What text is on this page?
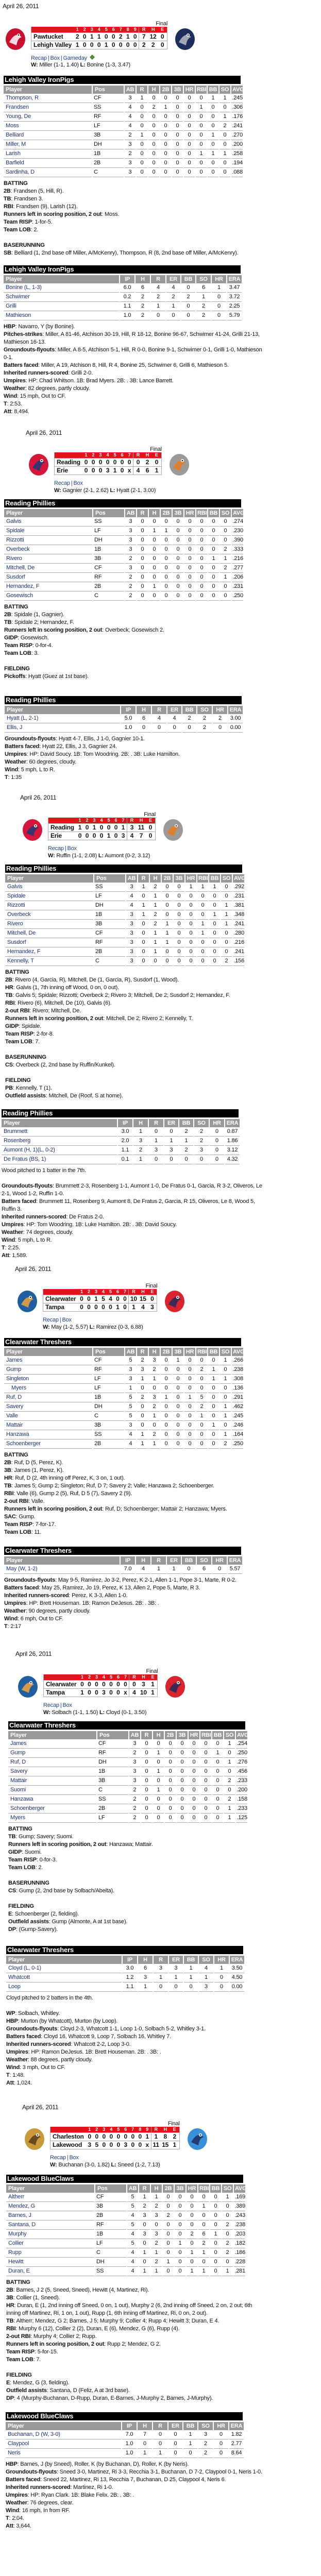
April 26, 2011
Final
	1	2	3	4	5	6	7	8	9	R	H	E
Pawtucket	2	0	1	1	0	0	2	1	0	7	12	0
Lehigh Valley	1	0	0	0	1	0	0	0	0	2	2	0
Recap | Box | Gameday
W: Miller (1-1, 1.40) L: Bonine (1-3, 3.47)
Lehigh Valley IronPigs
Player	Pos	AB	R	H	2B	3B	HR	RBI	BB	SO	AVG
Thompson, R	CF	3	1	0	0	0	0	0	1	1	.245
Frandsen	SS	4	0	2	1	0	0	1	0	0	.306
Young, De	RF	4	0	0	0	0	0	0	0	1	.176
Moss	LF	4	0	0	0	0	0	0	0	2	.241
Belliard	3B	2	1	0	0	0	0	0	1	0	.270
Miller, M	DH	3	0	0	0	0	0	0	0	0	.200
Larish	1B	2	0	0	0	0	0	1	1	1	.258
Barfield	2B	3	0	0	0	0	0	0	0	0	.194
Sardinha, D	C	3	0	0	0	0	0	0	0	0	.088
BATTING
2B : Frandsen (5, Hill, R).
TB : Frandsen 3.
RBI : Frandsen (9), Larish (12).
Runners left in scoring position, 2 out : Moss.
Team RISP : 1-for-5.
Team LOB : 2.
BASERUNNING
SB : Belliard (1, 2nd base off Miller, A/McKenry), Thompson, R (8, 2nd base off Miller, A/McKenry).
Lehigh Valley IronPigs
Player	IP	H	R	ER	BB	SO	HR	ERA
Bonine (L, 1-3)	6.0	6	4	4	0	6	1	3.47
Schwimer	0.2	2	2	2	2	1	0	3.72
Grilli	1.1	2	1	1	0	2	0	2.25
Mathieson	1.0	2	0	0	0	2	0	5.79
HBP : Navarro, Y (by Bonine).
Pitches-strikes : Miller, A 81-46, Atchison 30-19, Hill, R 18-12, Bonine 96-67, Schwimer 41-24, Grilli 21-13, Mathieson 16-13.
Groundouts-flyouts : Miller, A 8-5, Atchison 5-1, Hill, R 0-0, Bonine 9-1, Schwimer 0-1, Grilli 1-0, Mathieson 0-1.
Batters faced : Miller, A 19, Atchison 8, Hill, R 4, Bonine 25, Schwimer 6, Grilli 6, Mathieson 5.
Inherited runners-scored : Grilli 2-0.
Umpires : HP: Chad Whitson. 1B: Brad Myers. 2B: . 3B: Lance Barrett.
Weather : 82 degrees, partly cloudy.
Wind : 15 mph, Out to CF.
T : 2:53.
Att : 8,494.
April 26, 2011
Final
	1	2	3	4	5	6	7	R	H	E
Reading	0	0	0	0	0	0	0	0	2	0
Erie	0	0	0	3	1	0	x	4	6	1
Recap | Box
W: Gagnier (2-1, 2.62) L: Hyatt (2-1, 3.00)
Reading Phillies
Player	Pos	AB	R	H	2B	3B	HR	RBI	BB	SO	AVG
Galvis	SS	3	0	0	0	0	0	0	0	0	.274
Spidale	LF	3	0	1	1	0	0	0	0	0	.230
Rizzotti	DH	3	0	0	0	0	0	0	0	0	.390
Overbeck	1B	3	0	0	0	0	0	0	0	2	.333
Rivero	3B	2	0	0	0	0	0	0	1	1	.216
Mitchell, De	CF	3	0	0	0	0	0	0	0	2	.277
Susdorf	RF	2	0	0	0	0	0	0	0	1	.206
Hernandez, F	2B	2	0	1	0	0	0	0	0	0	.231
Gosewisch	C	2	0	0	0	0	0	0	0	0	.250
BATTING
2B : Spidale (1, Gagnier).
TB : Spidale 2; Hernandez, F.
Runners left in scoring position, 2 out : Overbeck; Gosewisch 2.
GIDP : Gosewisch.
Team RISP : 0-for-4.
Team LOB : 3.
FIELDING
Pickoffs : Hyatt (Guez at 1st base).
Reading Phillies
Player	IP	H	R	ER	BB	SO	HR	ERA
Hyatt (L, 2-1)	5.0	6	4	4	2	2	2	3.00
Ellis, J	1.0	0	0	0	0	2	0	0.00
Groundouts-flyouts : Hyatt 4-7, Ellis, J 1-0, Gagnier 10-1.
Batters faced : Hyatt 22, Ellis, J 3, Gagnier 24.
Umpires : HP: David Soucy. 1B: Tom Woodring. 2B: . 3B: Luke Hamilton.
Weather : 60 degrees, cloudy.
Wind : 5 mph, L to R.
T : 1:35
April 26, 2011
Final
	1	2	3	4	5	6	7	R	H	E
Reading	1	0	1	0	0	0	1	3	11	0
Erie	0	0	0	0	1	0	3	4	7	0
Recap | Box
W: Ruffin (1-1, 2.08) L: Aumont (0-2, 3.12)
Reading Phillies
Player	Pos	AB	R	H	2B	3B	HR	RBI	BB	SO	AVG
Galvis	SS	3	1	2	0	0	1	1	1	0	.292
Spidale	LF	4	0	1	0	0	0	0	0	0	.231
Rizzotti	DH	4	1	1	0	0	0	0	0	1	.381
Overbeck	1B	3	1	2	0	0	0	0	1	1	.348
Rivero	3B	3	0	2	1	0	0	1	0	1	.241
Mitchell, De	CF	3	0	1	1	0	0	1	0	0	.280
Susdorf	RF	3	0	1	1	0	0	0	0	0	.216
Hernandez, F	2B	3	0	1	0	0	0	0	0	0	.241
Kennelly, T	C	3	0	0	0	0	0	0	0	2	.156
BATTING
2B : Rivero (4, Garcia, R), Mitchell, De (1, Garcia, R), Susdorf (1, Wood).
HR : Galvis (1, 7th inning off Wood, 0 on, 0 out).
TB : Galvis 5; Spidale; Rizzotti; Overbeck 2; Rivero 3; Mitchell, De 2; Susdorf 2; Hernandez, F.
RBI : Rivero (6), Mitchell, De (10), Galvis (6).
2-out RBI : Rivero; Mitchell, De.
Runners left in scoring position, 2 out : Mitchell, De 2; Rivero 2; Kennelly, T.
GIDP : Spidale.
Team RISP : 2-for-8.
Team LOB : 7.
BASERUNNING
CS : Overbeck (2, 2nd base by Ruffin/Kunkel).
FIELDING
PB : Kennelly, T (1).
Outfield assists : Mitchell, De (Roof, S at home).
Reading Phillies
Player	IP	H	R	ER	BB	SO	HR	ERA
Brummett	3.0	1	0	0	2	2	0	0.87
Rosenberg	2.0	3	1	1	1	2	0	1.86
Aumont (H, 1)(L, 0-2)	1.1	2	3	3	2	3	0	3.12
De Fratus (BS, 1)	0.1	1	0	0	0	0	0	4.32
Wood pitched to 1 batter in the 7th.
Groundouts-flyouts : Brummett 2-3, Rosenberg 1-1, Aumont 1-0, De Fratus 0-1, Garcia, R 3-2, Oliveros, Le 2-1, Wood 1-2, Ruffin 1-0.
Batters faced : Brummett 11, Rosenberg 9, Aumont 8, De Fratus 2, Garcia, R 15, Oliveros, Le 8, Wood 5, Ruffin 3.
Inherited runners-scored : De Fratus 2-0.
Umpires : HP: Tom Woodring. 1B: Luke Hamilton. 2B: . 3B: David Soucy.
Weather : 74 degrees, cloudy.
Wind : 5 mph, L to R.
T : 2:25.
Att : 1,589.
April 26, 2011
Final
	1	2	3	4	5	6	7	R	H	E
Clearwater	0	0	1	5	4	0	0	10	15	0
Tampa	0	0	0	0	0	1	0	1	4	3
Recap | Box
W: May (1-2, 5.57) L: Ramirez (0-3, 6.88)
Clearwater Threshers
Player	Pos	AB	R	H	2B	3B	HR	RBI	BB	SO	AVG
James	CF	5	2	3	0	1	0	0	0	1	.266
Gump	RF	3	3	2	0	0	0	2	1	0	.238
Singleton	LF	3	1	1	0	0	0	0	1	1	.308
Myers	LF	1	0	0	0	0	0	0	0	0	.136
Ruf, D	1B	5	2	3	1	0	1	5	0	0	.291
Savery	DH	5	0	2	0	0	0	2	0	1	.462
Valle	C	5	0	1	0	0	0	1	0	1	.245
Mattair	3B	3	0	0	0	0	0	0	1	0	.246
Hanzawa	SS	4	1	2	0	0	0	0	0	1	.164
Schoenberger	2B	4	1	1	0	0	0	0	0	2	.250
BATTING
2B : Ruf, D (5, Perez, K).
3B : James (1, Perez, K).
HR : Ruf, D (2, 4th inning off Perez, K, 3 on, 1 out).
TB : James 5; Gump 2; Singleton; Ruf, D 7; Savery 2; Valle; Hanzawa 2; Schoenberger.
RBI : Valle (6), Gump 2 (5), Ruf, D 5 (7), Savery 2 (9).
2-out RBI : Valle.
Runners left in scoring position, 2 out : Ruf, D; Schoenberger; Mattair 2; Hanzawa; Myers.
SAC : Gump.
Team RISP : 7-for-17.
Team LOB : 11.
Clearwater Threshers
Player	IP	H	R	ER	BB	SO	HR	ERA
May (W, 1-2)	7.0	4	1	1	0	6	0	5.57
Groundouts-flyouts : May 9-5, Ramirez, Jo 3-2, Perez, K 2-1, Allen 1-1, Pope 3-1, Marte, R 0-2.
Batters faced : May 25, Ramirez, Jo 19, Perez, K 13, Allen 2, Pope 5, Marte, R 3.
Inherited runners-scored : Perez, K 3-3, Allen 1-0.
Umpires : HP: Brett Houseman. 1B: Ramon DeJesus. 2B: . 3B: .
Weather : 90 degrees, partly cloudy.
Wind : 6 mph, Out to CF.
T : 2:17
April 26, 2011
Final
	1	2	3	4	5	6	7	R	H	E
Clearwater	0	0	0	0	0	0	0	0	3	1
Tampa	1	0	0	3	0	0	x	4	10	1
Recap | Box
W: Solbach (1-1, 1.50) L: Cloyd (0-1, 3.50)
Clearwater Threshers
Player	Pos	AB	R	H	2B	3B	HR	RBI	BB	SO	AVG
James	CF	3	0	0	0	0	0	0	0	1	.254
Gump	RF	2	0	1	0	0	0	0	1	0	.250
Ruf, D	DH	3	0	0	0	0	0	0	0	1	.276
Savery	1B	3	0	1	0	0	0	0	0	0	.456
Mattair	3B	3	0	0	0	0	0	0	0	2	.233
Suomi	C	2	0	1	0	0	0	0	0	0	.200
Hanzawa	SS	2	0	0	0	0	0	0	0	2	.158
Schoenberger	2B	2	0	0	0	0	0	0	0	1	.233
Myers	LF	2	0	0	0	0	0	0	0	1	.125
BATTING
TB : Gump; Savery; Suomi.
Runners left in scoring position, 2 out : Hanzawa; Mattair.
GIDP : Suomi.
Team RISP : 0-for-3.
Team LOB : 2.
BASERUNNING
CS : Gump (2, 2nd base by Solbach/Abeita).
FIELDING
E : Schoenberger (2, fielding).
Outfield assists : Gump (Almonte, A at 1st base).
DP : (Gump-Savery).
Clearwater Threshers
Player	IP	H	R	ER	BB	SO	HR	ERA
Cloyd (L, 0-1)	3.0	6	3	3	1	4	1	3.50
Whatcott	1.2	3	1	1	1	1	0	4.50
Loop	1.1	1	0	0	0	3	0	0.00
Cloyd pitched to 2 batters in the 4th.
WP : Solbach, Whitley.
HBP : Murton (by Whatcott), Murton (by Loop).
Groundouts-flyouts : Cloyd 2-3, Whatcott 1-1, Loop 1-0, Solbach 5-2, Whitley 3-1.
Batters faced : Cloyd 16, Whatcott 9, Loop 7, Solbach 16, Whitley 7.
Inherited runners-scored : Whatcott 2-2, Loop 3-0.
Umpires : HP: Ramon DeJesus. 1B: Brett Houseman. 2B: . 3B: .
Weather : 88 degrees, partly cloudy.
Wind : 3 mph, Out to CF.
T : 1:48.
Att : 1,024.
April 26, 2011
Final
	1	2	3	4	5	6	7	8	9	R	H	E
Charleston	0	0	0	0	0	0	0	0	1	1	8	2
Lakewood	3	5	0	0	0	3	0	0	x	11	15	1
Recap | Box
W: Buchanan (3-0, 1.82) L: Sneed (1-2, 7.13)
Lakewood BlueClaws
Player	Pos	AB	R	H	2B	3B	HR	RBI	BB	SO	AVG
Altherr	CF	5	1	1	0	0	0	0	0	1	.169
Mendez, G	3B	5	2	2	0	0	0	1	0	0	.389
Barnes, J	2B	4	3	3	2	0	0	0	0	0	.243
Santana, D	RF	5	0	0	0	0	0	0	0	2	.238
Murphy	1B	4	3	3	0	0	2	6	1	0	.203
Collier	LF	5	0	2	0	1	0	2	0	2	.182
Rupp	C	4	1	1	0	0	1	1	0	2	.186
Hewitt	DH	4	0	2	1	0	0	0	0	0	.228
Duran, E	SS	4	1	1	0	0	1	1	0	1	.281
BATTING
2B : Barnes, J 2 (5, Sneed, Sneed), Hewitt (4, Martinez, Ri).
3B : Collier (1, Sneed).
HR : Duran, E (1, 2nd inning off Sneed, 0 on, 1 out), Murphy 2 (6, 2nd inning off Sneed, 2 on, 2 out; 6th inning off Martinez, Ri, 1 on, 1 out), Rupp (1, 6th inning off Martinez, Ri, 0 on, 2 out).
TB : Altherr; Mendez, G 2; Barnes, J 5; Murphy 9; Collier 4; Rupp 4; Hewitt 3; Duran, E 4.
RBI : Murphy 6 (12), Collier 2 (2), Duran, E (6), Mendez, G (6), Rupp (4).
2-out RBI : Murphy 4; Collier 2; Rupp.
Runners left in scoring position, 2 out : Rupp 2; Mendez, G 2.
Team RISP : 5-for-15.
Team LOB : 7.
FIELDING
E : Mendez, G (3, fielding).
Outfield assists : Santana, D (Feliz, A at 3rd base).
DP : 4 (Murphy-Buchanan, D-Rupp, Duran, E-Barnes, J-Murphy 2, Barnes, J-Murphy).
Lakewood BlueClaws
Player	IP	H	R	ER	BB	SO	HR	ERA
Buchanan, D (W, 3-0)	7.0	7	0	0	1	3	0	1.82
Claypool	1.0	0	0	0	1	2	0	2.77
Neris	1.0	1	1	0	0	2	0	8.64
HBP : Barnes, J (by Sneed), Roller, K (by Buchanan, D), Roller, K (by Neris).
Groundouts-flyouts : Sneed 3-0, Martinez, Ri 3-3, Recchia 3-1, Buchanan, D 7-2, Claypool 0-1, Neris 1-0.
Batters faced : Sneed 22, Martinez, Ri 13, Recchia 7, Buchanan, D 25, Claypool 4, Neris 6.
Inherited runners-scored : Martinez, Ri 1-0.
Umpires : HP: Ryan Clark. 1B: Blake Felix. 2B: . 3B: .
Weather : 76 degrees, clear.
Wind : 16 mph, In from RF.
T : 2:04.
Att : 3,644.
